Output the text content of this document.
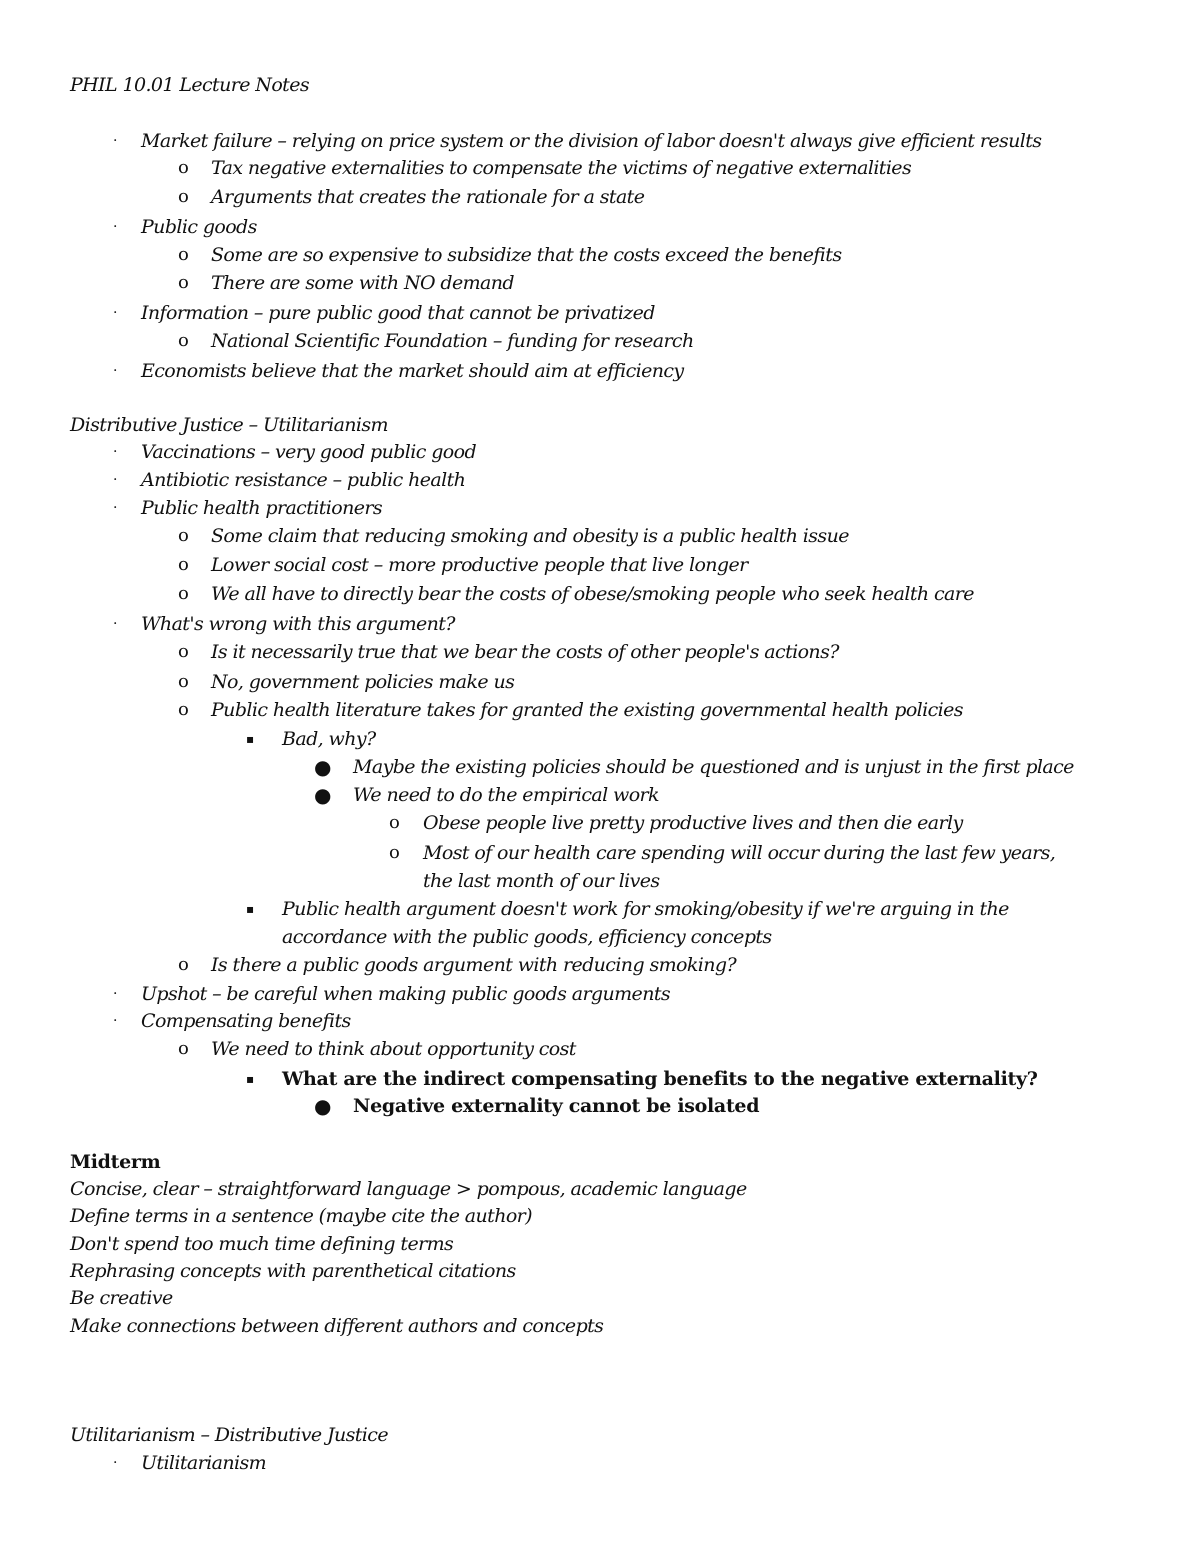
PHIL 10.01 Lecture Notes
· Market failure – relying on price system or the division of labor doesn't always give efficient results
o Tax negative externalities to compensate the victims of negative externalities
o Arguments that creates the rationale for a state
· Public goods
o Some are so expensive to subsidize that the costs exceed the benefits
o There are some with NO demand
· Information – pure public good that cannot be privatized
o National Scientific Foundation – funding for research
· Economists believe that the market should aim at efficiency
Distributive Justice – Utilitarianism
· Vaccinations – very good public good
· Antibiotic resistance – public health
· Public health practitioners
o Some claim that reducing smoking and obesity is a public health issue
o Lower social cost – more productive people that live longer
o We all have to directly bear the costs of obese/smoking people who seek health care
· What's wrong with this argument?
o Is it necessarily true that we bear the costs of other people's actions?
o No, government policies make us
o Public health literature takes for granted the existing governmental health policies
▪ Bad, why?
● Maybe the existing policies should be questioned and is unjust in the first place
● We need to do the empirical work
o Obese people live pretty productive lives and then die early
o Most of our health care spending will occur during the last few years,
the last month of our lives
▪ Public health argument doesn't work for smoking/obesity if we're arguing in the
accordance with the public goods, efficiency concepts
o Is there a public goods argument with reducing smoking?
· Upshot – be careful when making public goods arguments
· Compensating benefits
o We need to think about opportunity cost
▪ What are the indirect compensating benefits to the negative externality?
● Negative externality cannot be isolated
Midterm
Concise, clear – straightforward language > pompous, academic language
Define terms in a sentence (maybe cite the author)
Don't spend too much time defining terms
Rephrasing concepts with parenthetical citations
Be creative
Make connections between different authors and concepts
Utilitarianism – Distributive Justice
· Utilitarianism
